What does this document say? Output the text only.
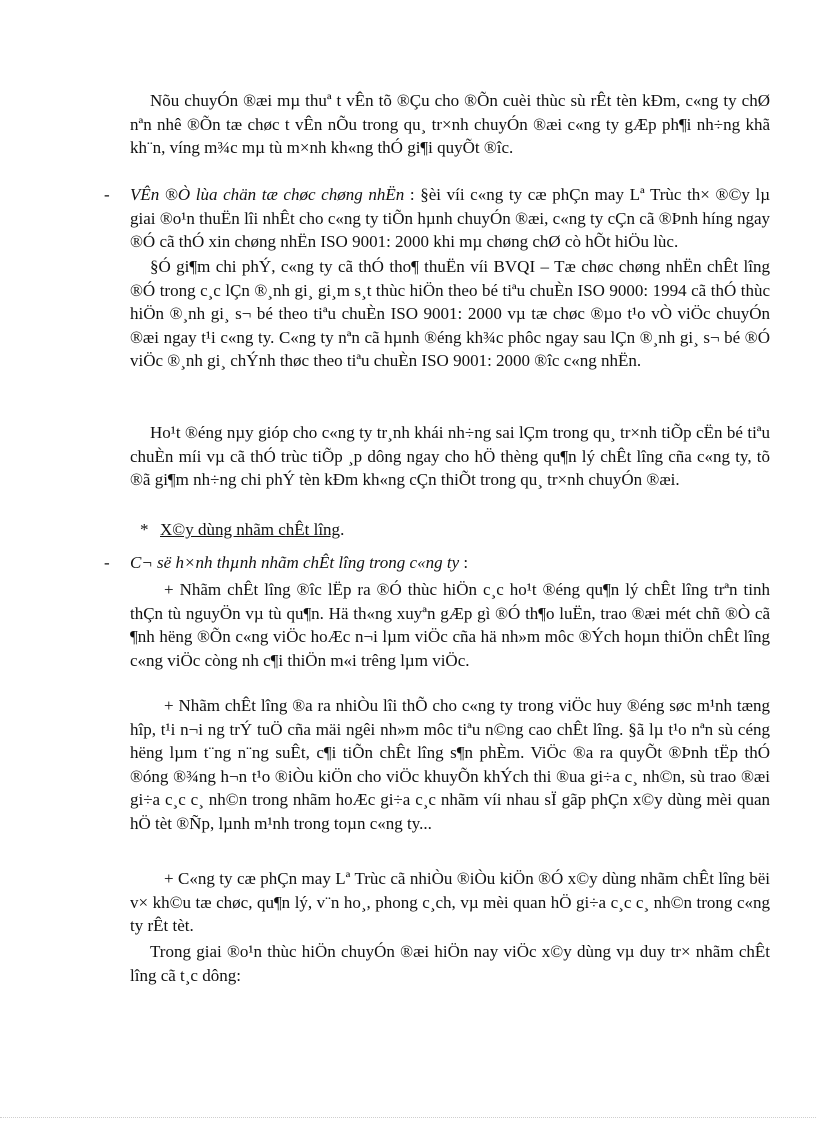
Nõu chuyÓn ®æi mµ thuª t vÊn tõ ®Çu cho ®Õn cuèi thùc sù rÊt tèn kÐm, c«ng ty chØ nªn nhê ®Õn tæ chøc t vÊn nÕu trong qu¸ tr×nh chuyÓn ®æi c«ng ty gÆp ph¶i nh÷ng khã kh¨n, víng m¾c mµ tù m×nh kh«ng thÓ gi¶i quyÕt ®îc.

- VÊn ®Ò lùa chän tæ chøc chøng nhËn : §èi víi c«ng ty cæ phÇn may Lª Trùc th× ®©y lµ giai ®o¹n thuËn lîi nhÊt cho c«ng ty tiÕn hµnh chuyÓn ®æi, c«ng ty cÇn cã ®Þnh híng ngay ®Ó cã thÓ xin chøng nhËn ISO 9001: 2000 khi mµ chøng chØ cò hÕt hiÖu lùc.

§Ó gi¶m chi phÝ, c«ng ty cã thÓ tho¶ thuËn víi BVQI – Tæ chøc chøng nhËn chÊt lîng ®Ó trong c¸c lÇn ®¸nh gi¸ gi¸m s¸t thùc hiÖn theo bé tiªu chuÈn ISO 9000: 1994 cã thÓ thùc hiÖn ®¸nh gi¸ s¬ bé theo tiªu chuÈn ISO 9001: 2000 vµ tæ chøc ®µo t¹o vÒ viÖc chuyÓn ®æi ngay t¹i c«ng ty. C«ng ty nªn cã hµnh ®éng kh¾c phôc ngay sau lÇn ®¸nh gi¸ s¬ bé ®Ó viÖc ®¸nh gi¸ chÝnh thøc theo tiªu chuÈn ISO 9001: 2000 ®îc c«ng nhËn.

Ho¹t ®éng nµy gióp cho c«ng ty tr¸nh khái nh÷ng sai lÇm trong qu¸ tr×nh tiÕp cËn bé tiªu chuÈn míi vµ cã thÓ trùc tiÕp ¸p dông ngay cho hÖ thèng qu¶n lý chÊt lîng cña c«ng ty, tõ ®ã gi¶m nh÷ng chi phÝ tèn kÐm kh«ng cÇn thiÕt trong qu¸ tr×nh chuyÓn ®æi.

* X©y dùng nhãm chÊt lîng.

- C¬ së h×nh thµnh nhãm chÊt lîng trong c«ng ty :

+ Nhãm chÊt lîng ®îc lËp ra ®Ó thùc hiÖn c¸c ho¹t ®éng qu¶n lý chÊt lîng trªn tinh thÇn tù nguyÖn vµ tù qu¶n. Hä th«ng xuyªn gÆp gì ®Ó th¶o luËn, trao ®æi mét chñ ®Ò cã ¶nh hëng ®Õn c«ng viÖc hoÆc n¬i lµm viÖc cña hä nh»m môc ®Ých hoµn thiÖn chÊt lîng c«ng viÖc còng nh c¶i thiÖn m«i trêng lµm viÖc.

+ Nhãm chÊt lîng ®a ra nhiÒu lîi thÕ cho c«ng ty trong viÖc huy ®éng søc m¹nh tæng hîp, t¹i n¬i ng trÝ tuÖ cña mäi ngêi nh»m môc tiªu n©ng cao chÊt lîng. §ã lµ t¹o nªn sù céng hëng lµm t¨ng n¨ng suÊt, c¶i tiÕn chÊt lîng s¶n phÈm. ViÖc ®a ra quyÕt ®Þnh tËp thÓ ®óng ®¾ng h¬n t¹o ®iÒu kiÖn cho viÖc khuyÕn khÝch thi ®ua gi÷a c¸ nh©n, sù trao ®æi gi÷a c¸c c¸ nh©n trong nhãm hoÆc gi÷a c¸c nhãm víi nhau sÏ gãp phÇn x©y dùng mèi quan hÖ tèt ®Ñp, lµnh m¹nh trong toµn c«ng ty...

+ C«ng ty cæ phÇn may Lª Trùc cã nhiÒu ®iÒu kiÖn ®Ó x©y dùng nhãm chÊt lîng bëi v× kh©u tæ chøc, qu¶n lý, v¨n ho¸, phong c¸ch, vµ mèi quan hÖ gi÷a c¸c c¸ nh©n trong c«ng ty rÊt tèt.

Trong giai ®o¹n thùc hiÖn chuyÓn ®æi hiÖn nay viÖc x©y dùng vµ duy tr× nhãm chÊt lîng cã t¸c dông:
